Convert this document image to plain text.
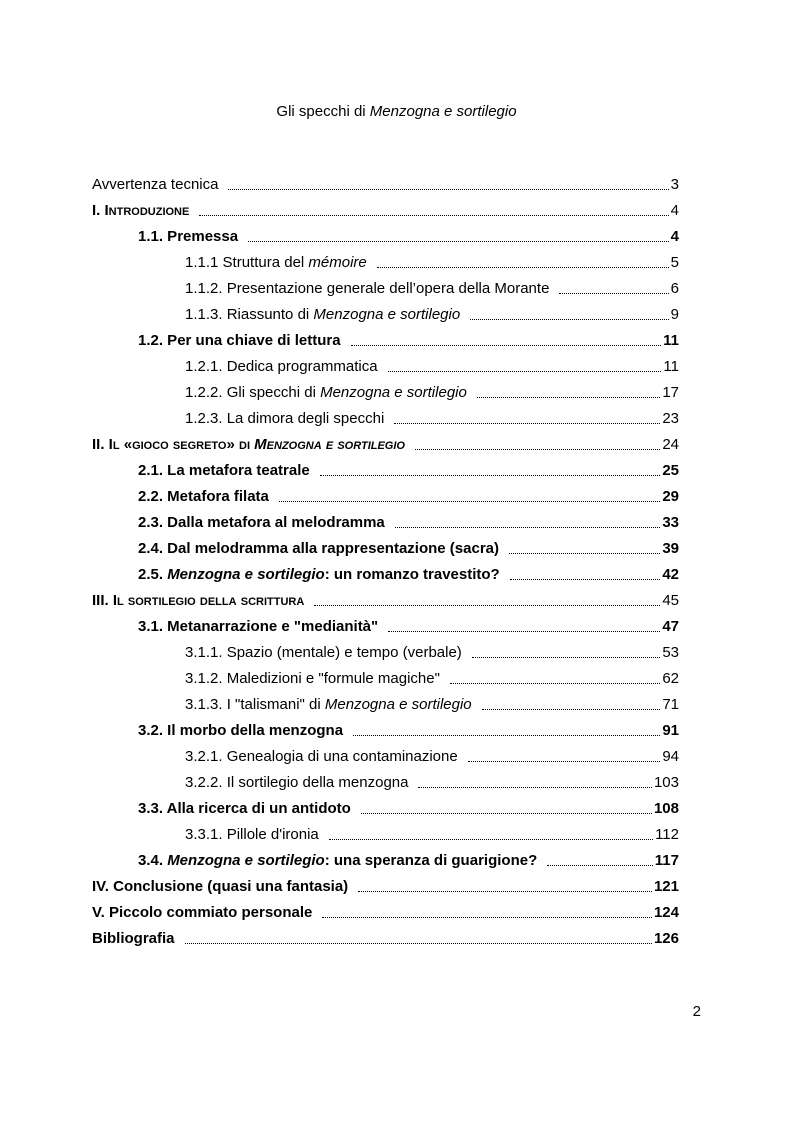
Gli specchi di Menzogna e sortilegio
Avvertenza tecnica	3
I. Introduzione	4
1.1. Premessa	4
1.1.1 Struttura del mémoire	5
1.1.2. Presentazione generale dell’opera della Morante	6
1.1.3. Riassunto di Menzogna e sortilegio	9
1.2. Per una chiave di lettura	11
1.2.1. Dedica programmatica	11
1.2.2. Gli specchi di Menzogna e sortilegio	17
1.2.3. La dimora degli specchi	23
II. Il «gioco segreto» di Menzogna e sortilegio	24
2.1. La metafora teatrale	25
2.2. Metafora filata	29
2.3. Dalla metafora al melodramma	33
2.4. Dal melodramma alla rappresentazione (sacra)	39
2.5. Menzogna e sortilegio: un romanzo travestito?	42
III. Il sortilegio della scrittura	45
3.1. Metanarrazione e "medianità"	47
3.1.1. Spazio (mentale) e tempo (verbale)	53
3.1.2. Maledizioni e "formule magiche"	62
3.1.3. I "talismani" di Menzogna e sortilegio	71
3.2. Il morbo della menzogna	91
3.2.1. Genealogia di una contaminazione	94
3.2.2. Il sortilegio della menzogna	103
3.3. Alla ricerca di un antidoto	108
3.3.1. Pillole d'ironia	112
3.4. Menzogna e sortilegio: una speranza di guarigione?	117
IV. Conclusione (quasi una fantasia)	121
V. Piccolo commiato personale	124
Bibliografia	126
2
